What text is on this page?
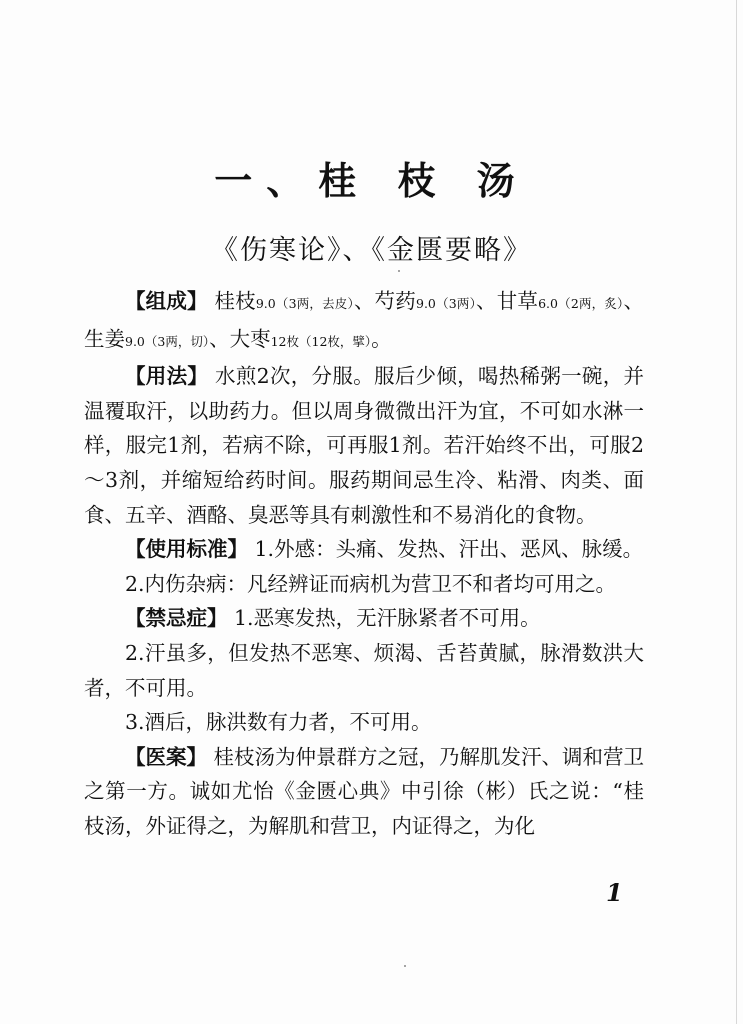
一、桂 枝 汤
《伤寒论》、《金匮要略》

【组成】 桂枝9.0（3两，去皮）、芍药9.0（3两）、甘草6.0（2两，炙）、生姜9.0（3两，切）、大枣12枚（12枚，擘）。

【用法】 水煎2次，分服。服后少倾，喝热稀粥一碗，并温覆取汗，以助药力。但以周身微微出汗为宜，不可如水淋一样，服完1剂，若病不除，可再服1剂。若汗始终不出，可服2～3剂，并缩短给药时间。服药期间忌生冷、粘滑、肉类、面食、五辛、酒酪、臭恶等具有刺激性和不易消化的食物。

【使用标准】 1.外感：头痛、发热、汗出、恶风、脉缓。

2.内伤杂病：凡经辨证而病机为营卫不和者均可用之。

【禁忌症】 1.恶寒发热，无汗脉紧者不可用。

2.汗虽多，但发热不恶寒、烦渴、舌苔黄腻，脉滑数洪大者，不可用。

3.酒后，脉洪数有力者，不可用。

【医案】 桂枝汤为仲景群方之冠，乃解肌发汗、调和营卫之第一方。诚如尤怡《金匮心典》中引徐（彬）氏之说：“桂枝汤，外证得之，为解肌和营卫，内证得之，为化

1
